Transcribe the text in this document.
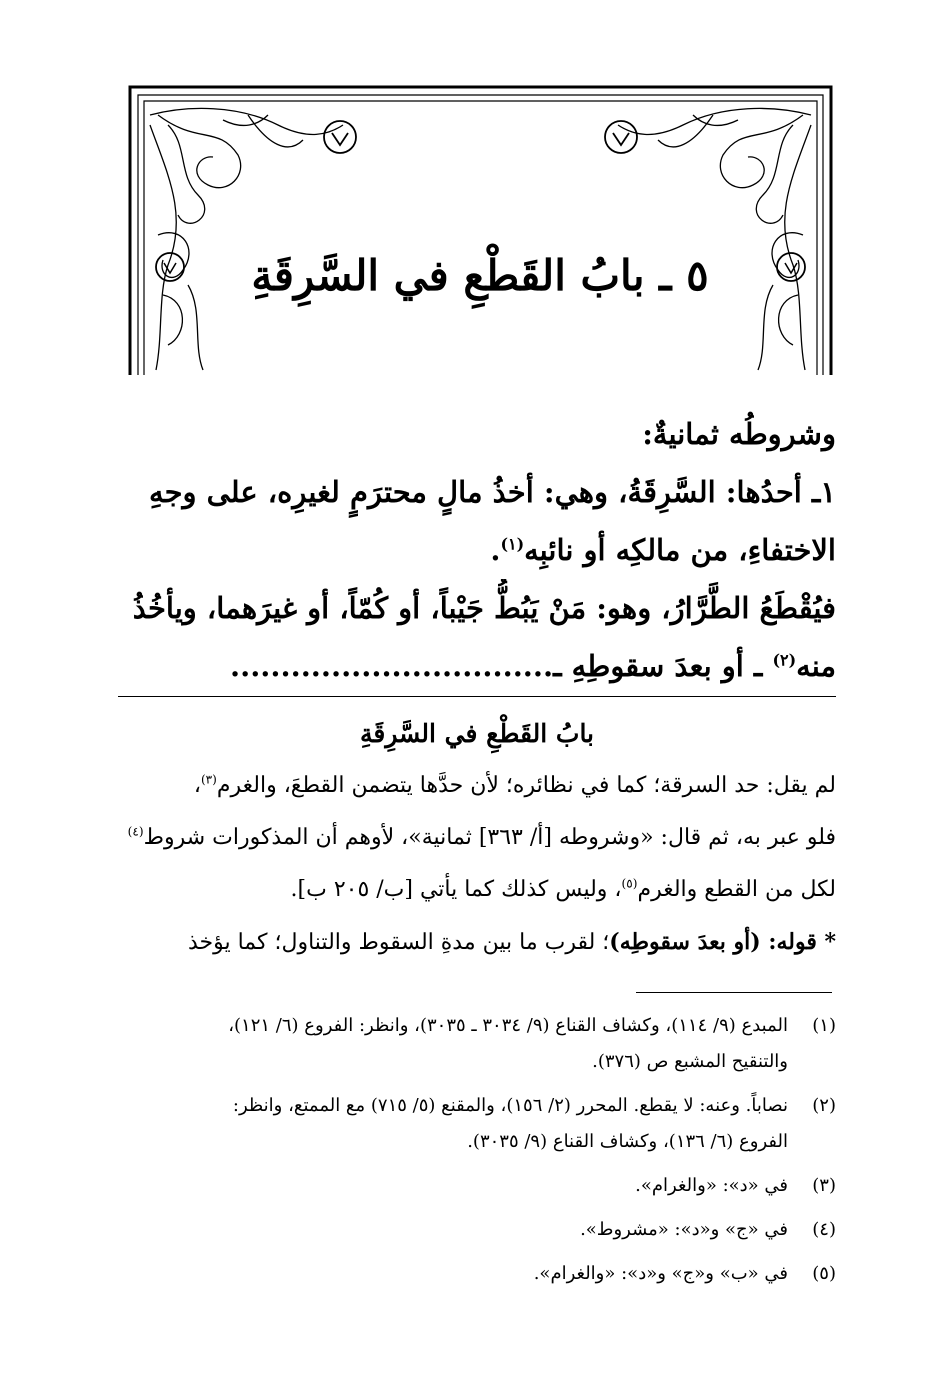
٥ ـ بابُ القَطْعِ في السَّرِقَةِ
وشروطُه ثمانيةٌ:
١ـ أحدُها: السَّرِقَةُ، وهي: أخذُ مالٍ محترَمٍ لغيرِه، على وجهِ
الاختفاءِ، من مالكِه أو نائبِه$^{(١)}$.
فيُقْطَعُ الطَّرَّارُ، وهو: مَنْ يَبُطُّ جَيْباً، أو كُمّاً، أو غيرَهما، ويأخُذُ
منه$^{(٢)}$ ـ أو بعدَ سقوطِهِ ـ................................
بابُ القَطْعِ في السَّرِقَةِ
لم يقل: حد السرقة؛ كما في نظائره؛ لأن حدَّها يتضمن القطعَ، والغرم$^{(٣)}$،
فلو عبر به، ثم قال: «وشروطه [أ/ ٣٦٣] ثمانية»، لأوهم أن المذكورات شروط$^{(٤)}$
لكل من القطع والغرم$^{(٥)}$، وليس كذلك كما يأتي [ب/ ٢٠٥ ب].
* قوله: (أو بعدَ سقوطِه)؛ لقرب ما بين مدةِ السقوط والتناول؛ كما يؤخذ
(١)
المبدع (٩/ ١١٤)، وكشاف القناع (٩/ ٣٠٣٤ ـ ٣٠٣٥)، وانظر: الفروع (٦/ ١٢١)،
والتنقيح المشبع ص (٣٧٦).
(٢)
نصاباً. وعنه: لا يقطع. المحرر (٢/ ١٥٦)، والمقنع (٥/ ٧١٥) مع الممتع، وانظر:
الفروع (٦/ ١٣٦)، وكشاف القناع (٩/ ٣٠٣٥).
(٣)
في «د»: «والغرام».
(٤)
في «ج» و«د»: «مشروط».
(٥)
في «ب» و«ج» و«د»: «والغرام».
